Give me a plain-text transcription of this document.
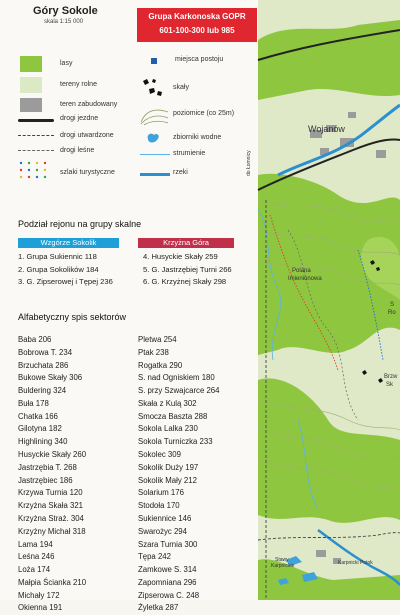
Góry Sokole
skala 1:15 000
Grupa Karkonoska GOPR
601-100-300 lub 985
lasy
tereny rolne
teren zabudowany
drogi jezdne
drogi utwardzone
drogi leśne
szlaki turystyczne
miejsca postoju
skały
poziomice (co 25m)
zbiorniki wodne
strumienie
rzeki
Podział rejonu na grupy skalne
Wzgórze Sokolik	Krzyżna Góra
1. Grupa Sukiennic 118
2. Grupa Sokolików 184
3. G. Zipserowej i Tępej 236
4. Husyckie Skały 259
5. G. Jastrzębiej Turni 266
6. G. Krzyżnej Skały 298
Alfabetyczny spis sektorów
Baba 206
Bobrowa T. 234
Brzuchata 286
Bukowe Skały 306
Buldering 324
Buła 178
Chatka 166
Gilotyna 182
Highlining 340
Husyckie Skały 260
Jastrzębia T. 268
Jastrzębiec 186
Krzywa Turnia 120
Krzyżna Skała 321
Krzyżna Straż. 304
Krzyżny Michał 318
Lama 194
Leśna 246
Loża 174
Małpia Ścianka 210
Michały 172
Okienna 191
Pletwa 254
Ptak 238
Rogatka 290
S. nad Ogniskiem 180
S. przy Szwajcarce 264
Skała z Kulą 302
Smocza Baszta 288
Sokola Lalka 230
Sokola Turniczka 233
Sokolec 309
Sokolik Duży 197
Sokolik Mały 212
Solarium 176
Stodoła 170
Sukiennice 146
Swarożyc 294
Szara Turnia 300
Tępa 242
Zamkowe S. 314
Zapomniana 296
Zipserowa C. 248
Żyletka 287
Wojanów
do Łomnicy
Polana
Imienionowa
Stawy
Karpnickie	Karpnicki Potok
S
Ro
Brzw
Sk
